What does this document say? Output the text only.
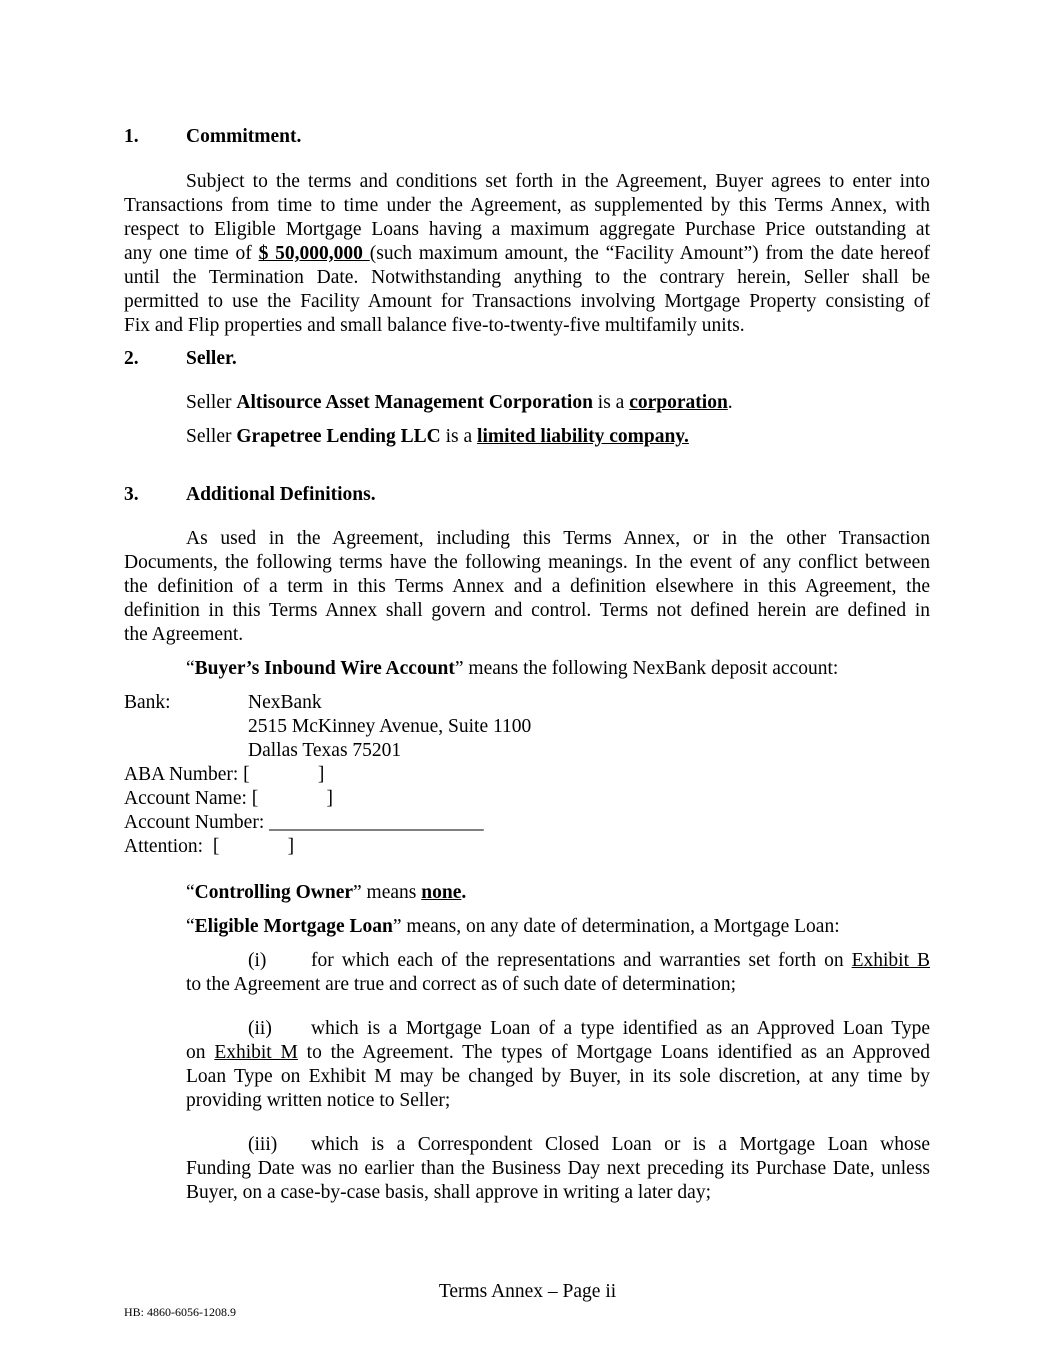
1. Commitment.
Subject to the terms and conditions set forth in the Agreement, Buyer agrees to enter into
Transactions from time to time under the Agreement, as supplemented by this Terms Annex, with
respect to Eligible Mortgage Loans having a maximum aggregate Purchase Price outstanding at
any one time of $ 50,000,000 (such maximum amount, the “Facility Amount”) from the date hereof
until the Termination Date. Notwithstanding anything to the contrary herein, Seller shall be
permitted to use the Facility Amount for Transactions involving Mortgage Property consisting of
Fix and Flip properties and small balance five-to-twenty-five multifamily units.
2. Seller.
Seller Altisource Asset Management Corporation is a corporation.
Seller Grapetree Lending LLC is a limited liability company.
3. Additional Definitions.
As used in the Agreement, including this Terms Annex, or in the other Transaction
Documents, the following terms have the following meanings. In the event of any conflict between
the definition of a term in this Terms Annex and a definition elsewhere in this Agreement, the
definition in this Terms Annex shall govern and control. Terms not defined herein are defined in
the Agreement.
“Buyer’s Inbound Wire Account” means the following NexBank deposit account:
Bank:	NexBank
2515 McKinney Avenue, Suite 1100
Dallas Texas 75201
ABA Number: [              ]
Account Name: [              ]
Account Number: ______________________
Attention:  [              ]
“Controlling Owner” means none.
“Eligible Mortgage Loan” means, on any date of determination, a Mortgage Loan:
(i) for which each of the representations and warranties set forth on Exhibit B
to the Agreement are true and correct as of such date of determination;
(ii) which is a Mortgage Loan of a type identified as an Approved Loan Type
on Exhibit M to the Agreement. The types of Mortgage Loans identified as an Approved
Loan Type on Exhibit M may be changed by Buyer, in its sole discretion, at any time by
providing written notice to Seller;
(iii) which is a Correspondent Closed Loan or is a Mortgage Loan whose
Funding Date was no earlier than the Business Day next preceding its Purchase Date, unless
Buyer, on a case-by-case basis, shall approve in writing a later day;
Terms Annex – Page ii
HB: 4860-6056-1208.9
